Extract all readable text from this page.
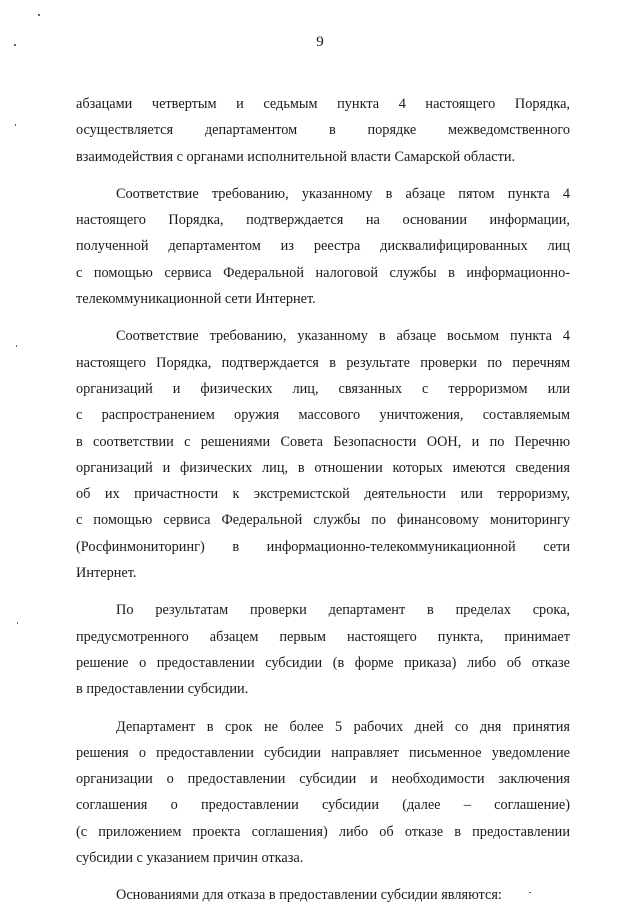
9

абзацами четвертым и седьмым пункта 4 настоящего Порядка,
осуществляется департаментом в порядке межведомственного
взаимодействия с органами исполнительной власти Самарской области.

Соответствие требованию, указанному в абзаце пятом пункта 4
настоящего Порядка, подтверждается на основании информации,
полученной департаментом из реестра дисквалифицированных лиц
с помощью сервиса Федеральной налоговой службы в информационно-
телекоммуникационной сети Интернет.

Соответствие требованию, указанному в абзаце восьмом пункта 4
настоящего Порядка, подтверждается в результате проверки по перечням
организаций и физических лиц, связанных с терроризмом или
с распространением оружия массового уничтожения, составляемым
в соответствии с решениями Совета Безопасности ООН, и по Перечню
организаций и физических лиц, в отношении которых имеются сведения
об их причастности к экстремистской деятельности или терроризму,
с помощью сервиса Федеральной службы по финансовому мониторингу
(Росфинмониторинг) в информационно-телекоммуникационной сети
Интернет.

По результатам проверки департамент в пределах срока,
предусмотренного абзацем первым настоящего пункта, принимает
решение о предоставлении субсидии (в форме приказа) либо об отказе
в предоставлении субсидии.

Департамент в срок не более 5 рабочих дней со дня принятия
решения о предоставлении субсидии направляет письменное уведомление
организации о предоставлении субсидии и необходимости заключения
соглашения о предоставлении субсидии (далее – соглашение)
(с приложением проекта соглашения) либо об отказе в предоставлении
субсидии с указанием причин отказа.

Основаниями для отказа в предоставлении субсидии являются:
